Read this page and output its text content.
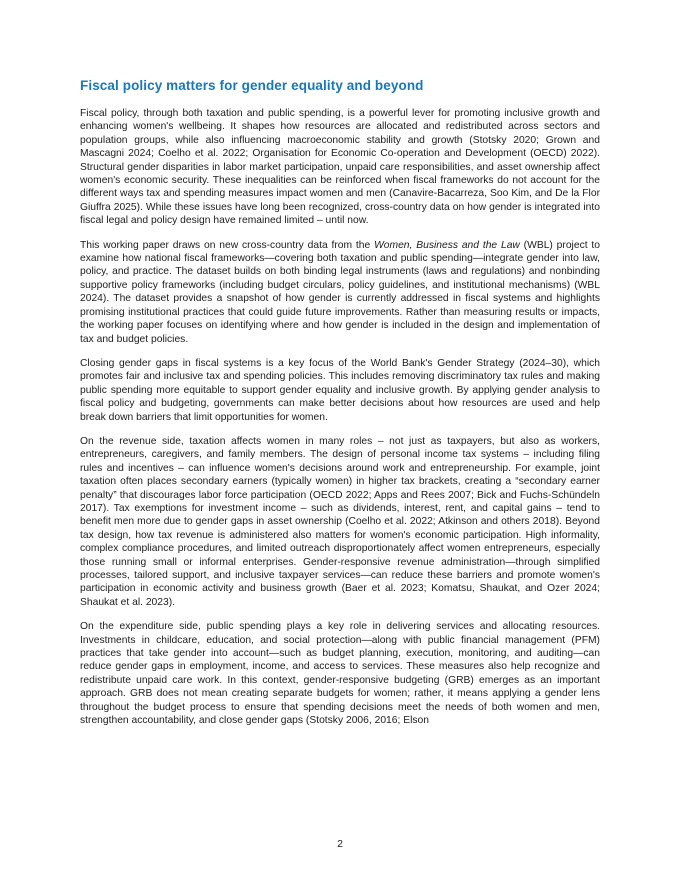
Fiscal policy matters for gender equality and beyond

Fiscal policy, through both taxation and public spending, is a powerful lever for promoting inclusive growth and enhancing women's wellbeing. It shapes how resources are allocated and redistributed across sectors and population groups, while also influencing macroeconomic stability and growth (Stotsky 2020; Grown and Mascagni 2024; Coelho et al. 2022; Organisation for Economic Co-operation and Development (OECD) 2022). Structural gender disparities in labor market participation, unpaid care responsibilities, and asset ownership affect women's economic security. These inequalities can be reinforced when fiscal frameworks do not account for the different ways tax and spending measures impact women and men (Canavire-Bacarreza, Soo Kim, and De la Flor Giuffra 2025). While these issues have long been recognized, cross-country data on how gender is integrated into fiscal legal and policy design have remained limited – until now.

This working paper draws on new cross-country data from the Women, Business and the Law (WBL) project to examine how national fiscal frameworks—covering both taxation and public spending—integrate gender into law, policy, and practice. The dataset builds on both binding legal instruments (laws and regulations) and nonbinding supportive policy frameworks (including budget circulars, policy guidelines, and institutional mechanisms) (WBL 2024). The dataset provides a snapshot of how gender is currently addressed in fiscal systems and highlights promising institutional practices that could guide future improvements. Rather than measuring results or impacts, the working paper focuses on identifying where and how gender is included in the design and implementation of tax and budget policies.

Closing gender gaps in fiscal systems is a key focus of the World Bank's Gender Strategy (2024–30), which promotes fair and inclusive tax and spending policies. This includes removing discriminatory tax rules and making public spending more equitable to support gender equality and inclusive growth. By applying gender analysis to fiscal policy and budgeting, governments can make better decisions about how resources are used and help break down barriers that limit opportunities for women.

On the revenue side, taxation affects women in many roles – not just as taxpayers, but also as workers, entrepreneurs, caregivers, and family members. The design of personal income tax systems – including filing rules and incentives – can influence women's decisions around work and entrepreneurship. For example, joint taxation often places secondary earners (typically women) in higher tax brackets, creating a “secondary earner penalty” that discourages labor force participation (OECD 2022; Apps and Rees 2007; Bick and Fuchs-Schündeln 2017). Tax exemptions for investment income – such as dividends, interest, rent, and capital gains – tend to benefit men more due to gender gaps in asset ownership (Coelho et al. 2022; Atkinson and others 2018). Beyond tax design, how tax revenue is administered also matters for women's economic participation. High informality, complex compliance procedures, and limited outreach disproportionately affect women entrepreneurs, especially those running small or informal enterprises. Gender-responsive revenue administration—through simplified processes, tailored support, and inclusive taxpayer services—can reduce these barriers and promote women's participation in economic activity and business growth (Baer et al. 2023; Komatsu, Shaukat, and Ozer 2024; Shaukat et al. 2023).

On the expenditure side, public spending plays a key role in delivering services and allocating resources. Investments in childcare, education, and social protection—along with public financial management (PFM) practices that take gender into account—such as budget planning, execution, monitoring, and auditing—can reduce gender gaps in employment, income, and access to services. These measures also help recognize and redistribute unpaid care work. In this context, gender-responsive budgeting (GRB) emerges as an important approach. GRB does not mean creating separate budgets for women; rather, it means applying a gender lens throughout the budget process to ensure that spending decisions meet the needs of both women and men, strengthen accountability, and close gender gaps (Stotsky 2006, 2016; Elson

2
